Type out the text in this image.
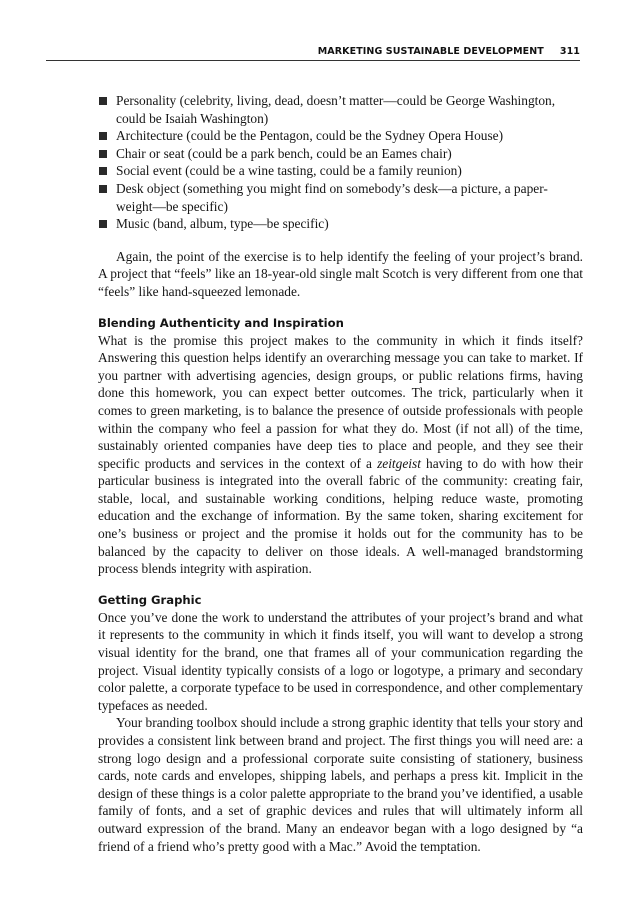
MARKETING SUSTAINABLE DEVELOPMENT 311
Personality (celebrity, living, dead, doesn’t matter—could be George Washington, could be Isaiah Washington)
Architecture (could be the Pentagon, could be the Sydney Opera House)
Chair or seat (could be a park bench, could be an Eames chair)
Social event (could be a wine tasting, could be a family reunion)
Desk object (something you might find on somebody’s desk—a picture, a paper-weight—be specific)
Music (band, album, type—be specific)

Again, the point of the exercise is to help identify the feeling of your project’s brand. A project that “feels” like an 18-year-old single malt Scotch is very different from one that “feels” like hand-squeezed lemonade.

Blending Authenticity and Inspiration

What is the promise this project makes to the community in which it finds itself? Answering this question helps identify an overarching message you can take to market. If you partner with advertising agencies, design groups, or public relations firms, having done this homework, you can expect better outcomes. The trick, particularly when it comes to green marketing, is to balance the presence of outside professionals with people within the company who feel a passion for what they do. Most (if not all) of the time, sustainably oriented companies have deep ties to place and people, and they see their specific products and services in the context of a zeitgeist having to do with how their particular business is integrated into the overall fabric of the community: creating fair, stable, local, and sustainable working conditions, helping reduce waste, promoting education and the exchange of information. By the same token, sharing excitement for one’s business or project and the promise it holds out for the community has to be balanced by the capacity to deliver on those ideals. A well-managed brandstorming process blends integrity with aspiration.

Getting Graphic

Once you’ve done the work to understand the attributes of your project’s brand and what it represents to the community in which it finds itself, you will want to develop a strong visual identity for the brand, one that frames all of your communication regarding the project. Visual identity typically consists of a logo or logotype, a primary and secondary color palette, a corporate typeface to be used in correspondence, and other complementary typefaces as needed.

Your branding toolbox should include a strong graphic identity that tells your story and provides a consistent link between brand and project. The first things you will need are: a strong logo design and a professional corporate suite consisting of stationery, business cards, note cards and envelopes, shipping labels, and perhaps a press kit. Implicit in the design of these things is a color palette appropriate to the brand you’ve identified, a usable family of fonts, and a set of graphic devices and rules that will ultimately inform all outward expression of the brand. Many an endeavor began with a logo designed by “a friend of a friend who’s pretty good with a Mac.” Avoid the temptation.
